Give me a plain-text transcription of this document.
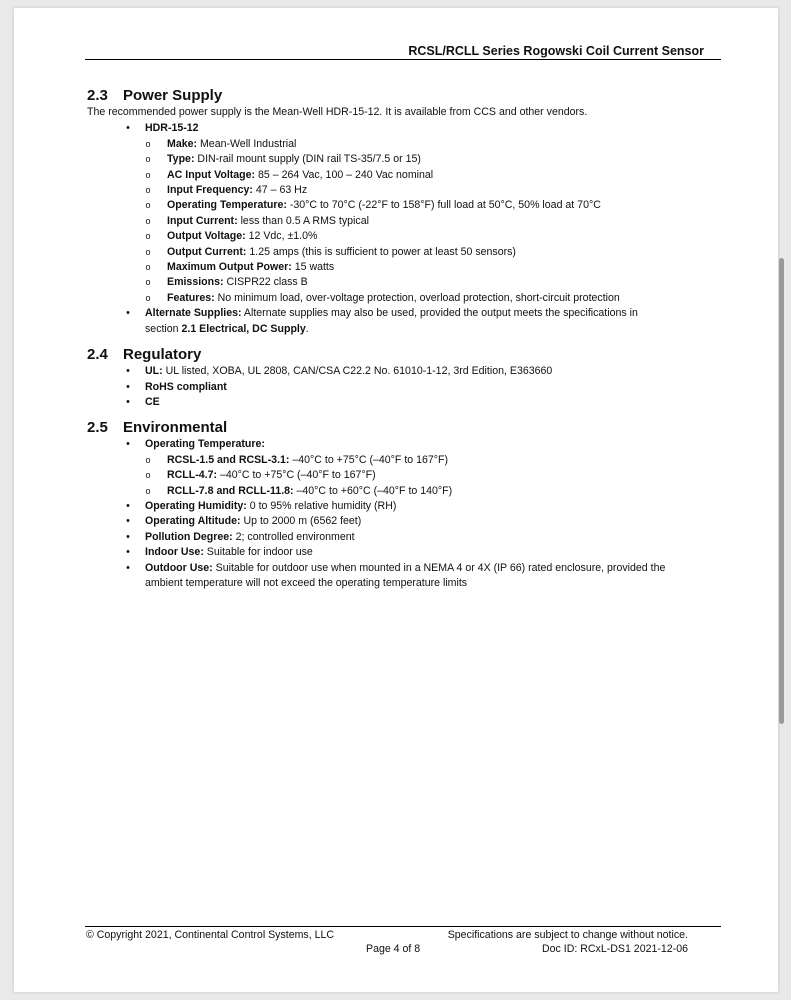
RCSL/RCLL Series Rogowski Coil Current Sensor
2.3	Power Supply

The recommended power supply is the Mean-Well HDR-15-12. It is available from CCS and other vendors.

• HDR-15-12
o Make: Mean-Well Industrial
o Type: DIN-rail mount supply (DIN rail TS-35/7.5 or 15)
o AC Input Voltage: 85 – 264 Vac, 100 – 240 Vac nominal
o Input Frequency: 47 – 63 Hz
o Operating Temperature: -30°C to 70°C (-22°F to 158°F) full load at 50°C, 50% load at 70°C
o Input Current: less than 0.5 A RMS typical
o Output Voltage: 12 Vdc, ±1.0%
o Output Current: 1.25 amps (this is sufficient to power at least 50 sensors)
o Maximum Output Power: 15 watts
o Emissions: CISPR22 class B
o Features: No minimum load, over-voltage protection, overload protection, short-circuit protection
• Alternate Supplies: Alternate supplies may also be used, provided the output meets the specifications in
section 2.1 Electrical, DC Supply.
2.4	Regulatory
• UL: UL listed, XOBA, UL 2808, CAN/CSA C22.2 No. 61010-1-12, 3rd Edition, E363660
• RoHS compliant
• CE
2.5	Environmental
• Operating Temperature:
o RCSL-1.5 and RCSL-3.1: –40°C to +75°C (–40°F to 167°F)
o RCLL-4.7: –40°C to +75°C (–40°F to 167°F)
o RCLL-7.8 and RCLL-11.8: –40°C to +60°C (–40°F to 140°F)
• Operating Humidity: 0 to 95% relative humidity (RH)
• Operating Altitude: Up to 2000 m (6562 feet)
• Pollution Degree: 2; controlled environment
• Indoor Use: Suitable for indoor use
• Outdoor Use: Suitable for outdoor use when mounted in a NEMA 4 or 4X (IP 66) rated enclosure, provided the
ambient temperature will not exceed the operating temperature limits
© Copyright 2021, Continental Control Systems, LLC	Specifications are subject to change without notice.
Page 4 of 8	Doc ID: RCxL-DS1 2021-12-06
